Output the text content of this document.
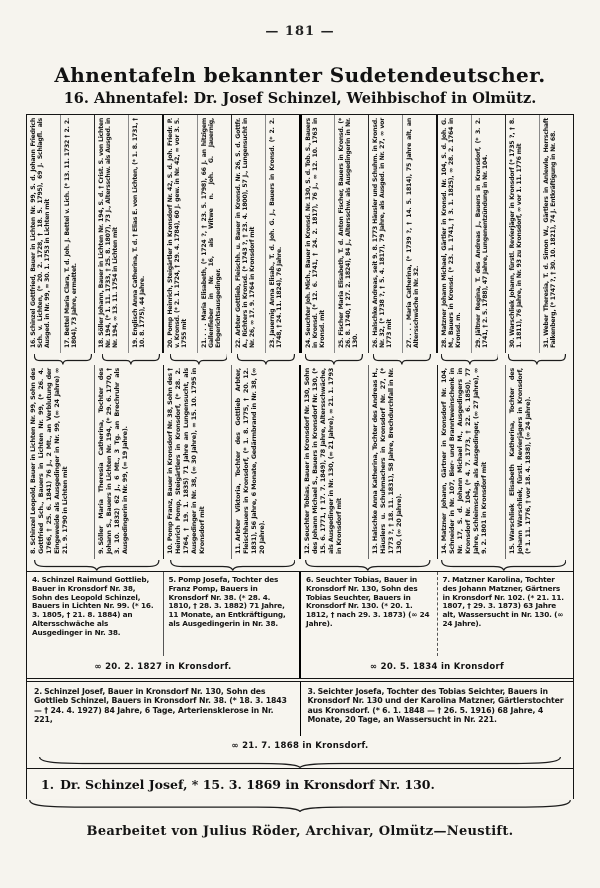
— 181 —
Ahnentafeln bekannter Sudetendeutscher.
16. Ahnentafel: Dr. Josef Schinzel, Weihbischof in Olmütz.
16.Schinzel Gottfried, Bauer in Lichten Nr. 99, S. d. Johann Friedrich Sch. v. Lichten, (* 20. 2. 1728, † 18. 5. 1795), 69 J. Schlagfl. als Ausged. in Nr. 99, ∞ 30. 1. 1753 in Lichten mit	17.Bettel Maria Clara, T. d. Joh. J. Bettel v. Lich. (* 13. 11. 1732 † 2. 2. 1804), 73 Jahre, ermattet.	18.Söller Johann, Bauer in Lichten Nr. 194, S. d. † Crist. S. von Lichten Nr. 194, (* 1. 11. 1733, † 25. 8. 1807), 73 J., Altersschw. als Ausged. in Nr. 194, ∞ 13. 11. 1754 in Lichten mit	19.Englisch Anna Catherina, T. d. † Elias E. von Lichten, (* 1. 8. 1731, † 10. 8. 1775), 44 Jahre.	20.Pomp Heinrich, Steigärtler in Kronsdorf Nr. 42, S. d. Joh. Friedr. P. v. Kronsd. (* 2. 1. 1724, † 29. 4. 1784), 60 J. gew. in Nr. 42, ∞ vor 3. 5. 1755 mit	21.. . . Maria Elisabeth, (* 1724 ?, † 23. 5. 1798), 66 J. an hitzigem Gallenfieber in Nr. 16, als Witwe n. Joh. G. Jauernig, Erbgerichtsausgedinger.	22.Arbter Gottlieb, Fleischh. u. Bauer in Kronsd. Nr. 26, S. d. Gottfr. A., Richters in Kronsd. (* 1743 ?, † 23. 4. 1800), 57 J., Lungensucht in Nr. 26, ∞ 17. 9. 1764 in Kronsdorf mit	23.Jauernig Anna Elisab., T. d. Joh. G. J., Bauers in Kronsd. (* 2. 2. 1748, † 24. 11. 1824), 76 Jahre.	24.Seuchter Joh. Mich., Bauer in Kronsd. Nr. 130, S. d. Tob. S., Bauers in Kronsd. (* 12. 6. 1741, † 24. 2. 1817), 76 J., ∞ 12. 10. 1763 in Kronsd. mit	25.Fischer Maria Elisabeth, T. d. Anton Fischer, Bauers in Kronsd. (* 26. 8. 1740, † 27. 2. 1824), 84 J., Altersschw. als Ausgedingerin in Nr. 130.	26.Halschke Andreas, seit 9. 8. 1773 Häusler und Schuhm. in Kronsd. Nr. 32, (* 1738 ?, † 5. 4. 1817), 79 Jahre, als Ausged. in Nr. 27, ∞ vor 1773 mit	27.. . . Maria Catherina, (* 1739 ?, † 14. 5. 1814), 75 Jahre alt, an Altersschwäche in Nr. 32.	28.Matzner Johann Michael, Gärtler in Kronsd. Nr. 104, S. d. Joh. G. M., Bauers in Kronsd. (* 23. 1. 1741, † 3. 1. 1825), ∞ 28. 2. 1764 in Kronsd. m.	29.Jältner Regina, T. des Andreas J., Bauers in Kronsdorf, (* 3. 2. 1741, † 2. 5. 1788), 47 Jahre, Lungenentzündung in Nr. 104.	30.Warschliek Johann, fürstl. Revierjäger in Kronsdorf (* 1735 ?, † 8. 1. 1811), 76 Jahre, in Nr. 93 zu Kronsdorf, ∞ vor 1. 11. 1776 mit	31.Weber Theresia, T. d. Simon W., Gärtlers in Anlewle, Herrschaft Falkenberg, (* 1747 ?, † 30. 10. 1821), 74 J. Entkräftigung in Nr. 68.
8.Schinzel Leopold, Bauer in Lichten Nr. 99, Sohn des Gottfried Sch., Bauers in Lichten Nr. 99, (* 26. 4. 1766, † 25. 6. 1841) 76 J., 2 Mt., an Verblutung der Eingeweide als Ausgedinger in Nr. 99, (∞ 24 Jahre) ∞ 21. 9. 1790 in Lichten mit	9.Söller Maria Theresia Catherina, Tochter des Johann S., Bauers in Lichten Nr. 194, (* 29. 6. 1770, † 3. 10. 1832) 62 J., 6 Mt., 3 Tg. an Brechruhr als Ausgedingerin in Nr. 99, (∞ 19 Jahre).	10.Pomp Franz, Bauer in Kronsdorf Nr. 38, Sohn des † Heinrich Pomp, Steigärtlers in Kronsdorf, (* 28. 2. 1764, † 19. 1. 1835) 71 Jahre an Lungensucht, als Ausgedinger in Nr. 38, (∞ 30 Jahre), ∞ 15. 10. 1795 in Kronsdorf mit	11.Arbter Viktoria, Tochter des Gottlieb Arbter, Fleischhauers in Kronsdorf, (* 1. 8. 1775, † 20. 12. 1831), 56 Jahre, 6 Monate, Gedärmbrand in Nr. 38, (∞ 20 Jahre).	12.Seuchter Tobias, Bauer in Kronsdorf Nr. 130, Sohn des Johann Michael S., Bauers in Kronsdorf Nr. 130, (* 15. 6. 1771, † 17. 7. 1849), 78 Jahre, Altersschwäche, als Ausgedinger in Nr. 130, (∞ 21 Jahre), ∞ 21. 1. 1793 in Kronsdorf mit	13.Halschke Anna Katherina, Tochter des Andreas H., Häuslers u. Schuhmachers in Kronsdorf Nr. 27, (* 1773 ?, † 18. 11. 1831), 58 Jahre, Brechdurchfall in Nr. 130, (∞ 20 Jahre).	14.Matzner Johann, Gärtner in Kronsdorf Nr. 104, Schneider in Nr. 107, Bier- und Branntweinschenk in Nr. 17, S. d. Johann Michael M., Ausgedingers in Kronsdorf Nr. 104, (* 4. 7. 1773, † 22. 6. 1850), 77 Jahre, Schleimschlag, als Ausgedinger, (∞ 27 Jahre), ∞ 9. 2. 1801 in Kronsdorf mit	15.Warschliek Elisabeth Katherina, Tochter des Johann Warschliek, fürstl. Revierjägers in Kronsdorf, (* 1. 11. 1776, † vor 18. 4. 1838), (∞ 24 Jahre).
4. Schinzel Raimund Gottlieb, Bauer in Kronsdorf Nr. 38, Sohn des Leopold Schinzel, Bauers in Lichten Nr. 99. (* 16. 3. 1805, † 21. 8. 1884) an Altersschwäche als Ausgedinger in Nr. 38.
5. Pomp Josefa, Tochter des Franz Pomp, Bauers in Kronsdorf Nr. 38. (* 28. 4. 1810, † 28. 3. 1882) 71 Jahre, 11 Monate, an Entkräftigung, als Ausgedingerin in Nr. 38.
∞ 20. 2. 1827 in Kronsdorf.
6. Seuchter Tobias, Bauer in Kronsdorf Nr. 130, Sohn des Tobias Seuchter, Bauers in Kronsdorf Nr. 130. (* 20. 1. 1812, † nach 29. 3. 1873) (∞ 24 Jahre).
7. Matzner Karolina, Tochter des Johann Matzner, Gärtners in Kronsdorf Nr. 102. (* 21. 11. 1807, † 29. 3. 1873) 63 Jahre alt, Wassersucht in Nr. 130. (∞ 24 Jahre).
∞ 20. 5. 1834 in Kronsdorf
2. Schinzel Josef, Bauer in Kronsdorf Nr. 130, Sohn des Gottlieb Schinzel, Bauers in Kronsdorf Nr. 38. (* 18. 3. 1843 — † 24. 4. 1927) 84 Jahre, 6 Tage, Arteriensklerose in Nr. 221,
3. Seichter Josefa, Tochter des Tobias Seichter, Bauers in Kronsdorf Nr. 130 und der Karolina Matzner, Gärtlerstochter aus Kronsdorf. (* 6. 1. 1848 — † 26. 5. 1916) 68 Jahre, 4 Monate, 20 Tage, an Wassersucht in Nr. 221.
∞ 21. 7. 1868 in Kronsdorf.
1. Dr. Schinzel Josef, * 15. 3. 1869 in Kronsdorf Nr. 130.
Bearbeitet von Julius Röder, Archivar, Olmütz—Neustift.
